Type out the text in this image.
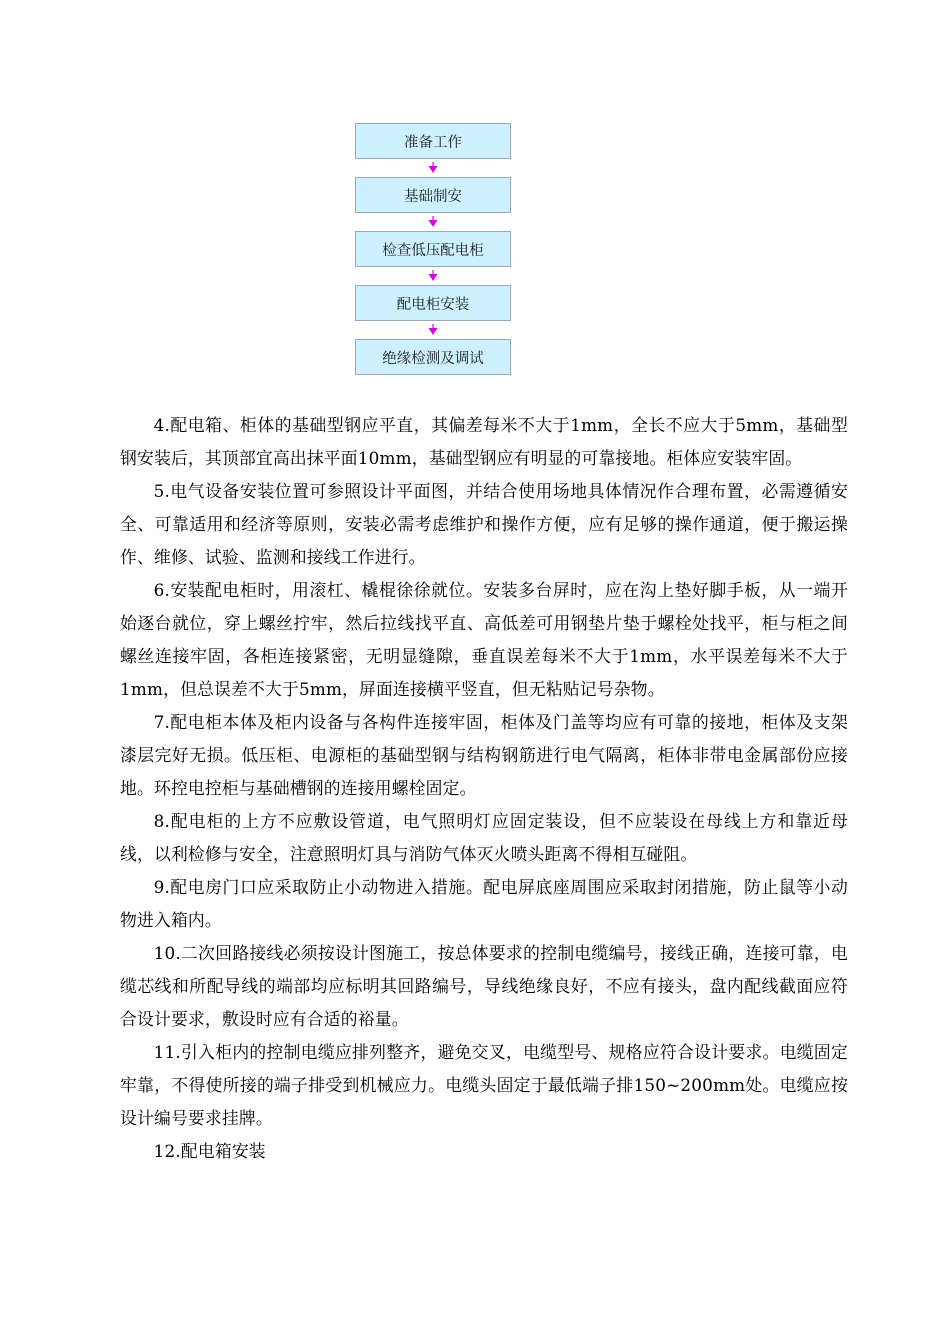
准备工作
基础制安
检查低压配电柜
配电柜安装
绝缘检测及调试

4.配电箱、柜体的基础型钢应平直，其偏差每米不大于1mm，全长不应大于5mm，基础型钢安装后，其顶部宜高出抹平面10mm，基础型钢应有明显的可靠接地。柜体应安装牢固。

5.电气设备安装位置可参照设计平面图，并结合使用场地具体情况作合理布置，必需遵循安全、可靠适用和经济等原则，安装必需考虑维护和操作方便，应有足够的操作通道，便于搬运操作、维修、试验、监测和接线工作进行。

6.安装配电柜时，用滚杠、橇棍徐徐就位。安装多台屏时，应在沟上垫好脚手板，从一端开始逐台就位，穿上螺丝拧牢，然后拉线找平直、高低差可用钢垫片垫于螺栓处找平，柜与柜之间螺丝连接牢固，各柜连接紧密，无明显缝隙，垂直误差每米不大于1mm，水平误差每米不大于1mm，但总误差不大于5mm，屏面连接横平竖直，但无粘贴记号杂物。

7.配电柜本体及柜内设备与各构件连接牢固，柜体及门盖等均应有可靠的接地，柜体及支架漆层完好无损。低压柜、电源柜的基础型钢与结构钢筋进行电气隔离，柜体非带电金属部份应接地。环控电控柜与基础槽钢的连接用螺栓固定。

8.配电柜的上方不应敷设管道，电气照明灯应固定装设，但不应装设在母线上方和靠近母线，以利检修与安全，注意照明灯具与消防气体灭火喷头距离不得相互碰阻。

9.配电房门口应采取防止小动物进入措施。配电屏底座周围应采取封闭措施，防止鼠等小动物进入箱内。

10.二次回路接线必须按设计图施工，按总体要求的控制电缆编号，接线正确，连接可靠，电缆芯线和所配导线的端部均应标明其回路编号，导线绝缘良好，不应有接头，盘内配线截面应符合设计要求，敷设时应有合适的裕量。

11.引入柜内的控制电缆应排列整齐，避免交叉，电缆型号、规格应符合设计要求。电缆固定牢靠，不得使所接的端子排受到机械应力。电缆头固定于最低端子排150~200mm处。电缆应按设计编号要求挂牌。

12.配电箱安装
